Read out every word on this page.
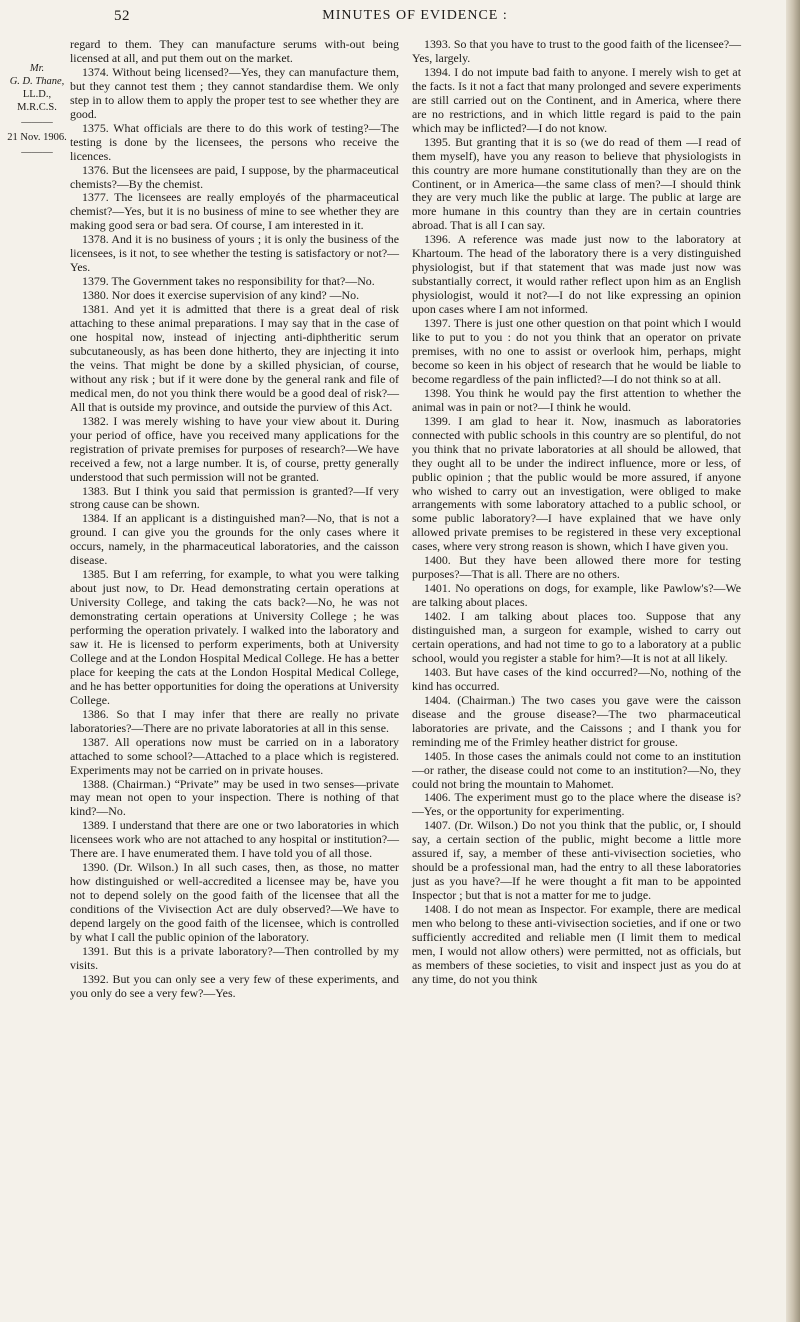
52	MINUTES OF EVIDENCE :
Mr.
G. D. Thane,
LL.D.,
M.R.C.S.
———
21 Nov. 1906.
———

regard to them. They can manufacture serums with-out being licensed at all, and put them out on the market.

1374. Without being licensed?—Yes, they can manufacture them, but they cannot test them ; they cannot standardise them. We only step in to allow them to apply the proper test to see whether they are good.

1375. What officials are there to do this work of testing?—The testing is done by the licensees, the persons who receive the licences.

1376. But the licensees are paid, I suppose, by the pharmaceutical chemists?—By the chemist.

1377. The licensees are really employés of the pharmaceutical chemist?—Yes, but it is no business of mine to see whether they are making good sera or bad sera. Of course, I am interested in it.

1378. And it is no business of yours ; it is only the business of the licensees, is it not, to see whether the testing is satisfactory or not?—Yes.

1379. The Government takes no responsibility for that?—No.

1380. Nor does it exercise supervision of any kind? —No.

1381. And yet it is admitted that there is a great deal of risk attaching to these animal preparations. I may say that in the case of one hospital now, instead of injecting anti-diphtheritic serum subcutaneously, as has been done hitherto, they are injecting it into the veins. That might be done by a skilled physician, of course, without any risk ; but if it were done by the general rank and file of medical men, do not you think there would be a good deal of risk?—All that is outside my province, and outside the purview of this Act.

1382. I was merely wishing to have your view about it. During your period of office, have you received many applications for the registration of private premises for purposes of research?—We have received a few, not a large number. It is, of course, pretty generally understood that such permission will not be granted.

1383. But I think you said that permission is granted?—If very strong cause can be shown.

1384. If an applicant is a distinguished man?—No, that is not a ground. I can give you the grounds for the only cases where it occurs, namely, in the pharmaceutical laboratories, and the caisson disease.

1385. But I am referring, for example, to what you were talking about just now, to Dr. Head demonstrating certain operations at University College, and taking the cats back?—No, he was not demonstrating certain operations at University College ; he was performing the operation privately. I walked into the laboratory and saw it. He is licensed to perform experiments, both at University College and at the London Hospital Medical College. He has a better place for keeping the cats at the London Hospital Medical College, and he has better opportunities for doing the operations at University College.

1386. So that I may infer that there are really no private laboratories?—There are no private laboratories at all in this sense.

1387. All operations now must be carried on in a laboratory attached to some school?—Attached to a place which is registered. Experiments may not be carried on in private houses.

1388. (Chairman.) “Private” may be used in two senses—private may mean not open to your inspection. There is nothing of that kind?—No.

1389. I understand that there are one or two laboratories in which licensees work who are not attached to any hospital or institution?—There are. I have enumerated them. I have told you of all those.

1390. (Dr. Wilson.) In all such cases, then, as those, no matter how distinguished or well-accredited a licensee may be, have you not to depend solely on the good faith of the licensee that all the conditions of the Vivisection Act are duly observed?—We have to depend largely on the good faith of the licensee, which is controlled by what I call the public opinion of the laboratory.

1391. But this is a private laboratory?—Then controlled by my visits.

1392. But you can only see a very few of these experiments, and you only do see a very few?—Yes.

1393. So that you have to trust to the good faith of the licensee?—Yes, largely.

1394. I do not impute bad faith to anyone. I merely wish to get at the facts. Is it not a fact that many prolonged and severe experiments are still carried out on the Continent, and in America, where there are no restrictions, and in which little regard is paid to the pain which may be inflicted?—I do not know.

1395. But granting that it is so (we do read of them —I read of them myself), have you any reason to believe that physiologists in this country are more humane constitutionally than they are on the Continent, or in America—the same class of men?—I should think they are very much like the public at large. The public at large are more humane in this country than they are in certain countries abroad. That is all I can say.

1396. A reference was made just now to the laboratory at Khartoum. The head of the laboratory there is a very distinguished physiologist, but if that statement that was made just now was substantially correct, it would rather reflect upon him as an English physiologist, would it not?—I do not like expressing an opinion upon cases where I am not informed.

1397. There is just one other question on that point which I would like to put to you : do not you think that an operator on private premises, with no one to assist or overlook him, perhaps, might become so keen in his object of research that he would be liable to become regardless of the pain inflicted?—I do not think so at all.

1398. You think he would pay the first attention to whether the animal was in pain or not?—I think he would.

1399. I am glad to hear it. Now, inasmuch as laboratories connected with public schools in this country are so plentiful, do not you think that no private laboratories at all should be allowed, that they ought all to be under the indirect influence, more or less, of public opinion ; that the public would be more assured, if anyone who wished to carry out an investigation, were obliged to make arrangements with some laboratory attached to a public school, or some public laboratory?—I have explained that we have only allowed private premises to be registered in these very exceptional cases, where very strong reason is shown, which I have given you.

1400. But they have been allowed there more for testing purposes?—That is all. There are no others.

1401. No operations on dogs, for example, like Pawlow's?—We are talking about places.

1402. I am talking about places too. Suppose that any distinguished man, a surgeon for example, wished to carry out certain operations, and had not time to go to a laboratory at a public school, would you register a stable for him?—It is not at all likely.

1403. But have cases of the kind occurred?—No, nothing of the kind has occurred.

1404. (Chairman.) The two cases you gave were the caisson disease and the grouse disease?—The two pharmaceutical laboratories are private, and the Caissons ; and I thank you for reminding me of the Frimley heather district for grouse.

1405. In those cases the animals could not come to an institution—or rather, the disease could not come to an institution?—No, they could not bring the mountain to Mahomet.

1406. The experiment must go to the place where the disease is?—Yes, or the opportunity for experimenting.

1407. (Dr. Wilson.) Do not you think that the public, or, I should say, a certain section of the public, might become a little more assured if, say, a member of these anti-vivisection societies, who should be a professional man, had the entry to all these laboratories just as you have?—If he were thought a fit man to be appointed Inspector ; but that is not a matter for me to judge.

1408. I do not mean as Inspector. For example, there are medical men who belong to these anti-vivisection societies, and if one or two sufficiently accredited and reliable men (I limit them to medical men, I would not allow others) were permitted, not as officials, but as members of these societies, to visit and inspect just as you do at any time, do not you think
